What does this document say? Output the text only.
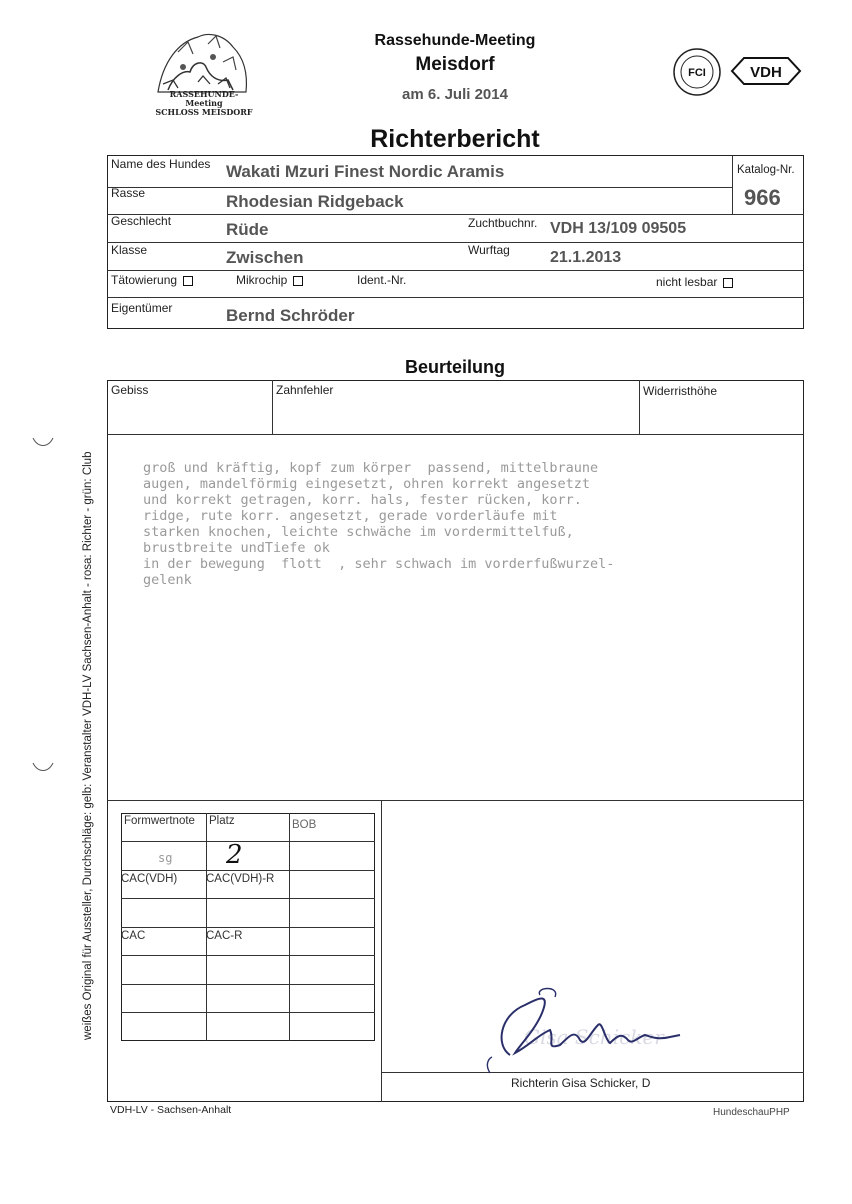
RASSEHUNDE-Meeting
SCHLOSS MEISDORF
Rassehunde-Meeting
Meisdorf
am 6. Juli 2014
FCI	VDH
Richterbericht
Name des Hundes Wakati Mzuri Finest Nordic Aramis	Katalog-Nr.
966
Rasse	Rhodesian Ridgeback
Geschlecht	Rüde	Zuchtbuchnr. VDH 13/109 09505
Klasse	Zwischen	Wurftag	21.1.2013
Tätowierung	Mikrochip	Ident.-Nr.	nicht lesbar
Eigentümer	Bernd Schröder
Beurteilung
Gebiss	Zahnfehler	Widerristhöhe
groß und kräftig, kopf zum körper  passend, mittelbraune
augen, mandelförmig eingesetzt, ohren korrekt angesetzt
und korrekt getragen, korr. hals, fester rücken, korr.
ridge, rute korr. angesetzt, gerade vorderläufe mit
starken knochen, leichte schwäche im vordermittelfuß,
brustbreite undTiefe ok
in der bewegung  flott  , sehr schwach im vorderfußwurzel-
gelenk
Formwertnote Platz	BOB
sg 2
CAC(VDH)	CAC(VDH)-R
CAC	CAC-R
Gisa Schicker
Richterin Gisa Schicker, D
VDH-LV - Sachsen-Anhalt	HundeschauPHP
weißes Original für Aussteller, Durchschläge: gelb: Veranstalter VDH-LV Sachsen-Anhalt - rosa: Richter - grün: Club
